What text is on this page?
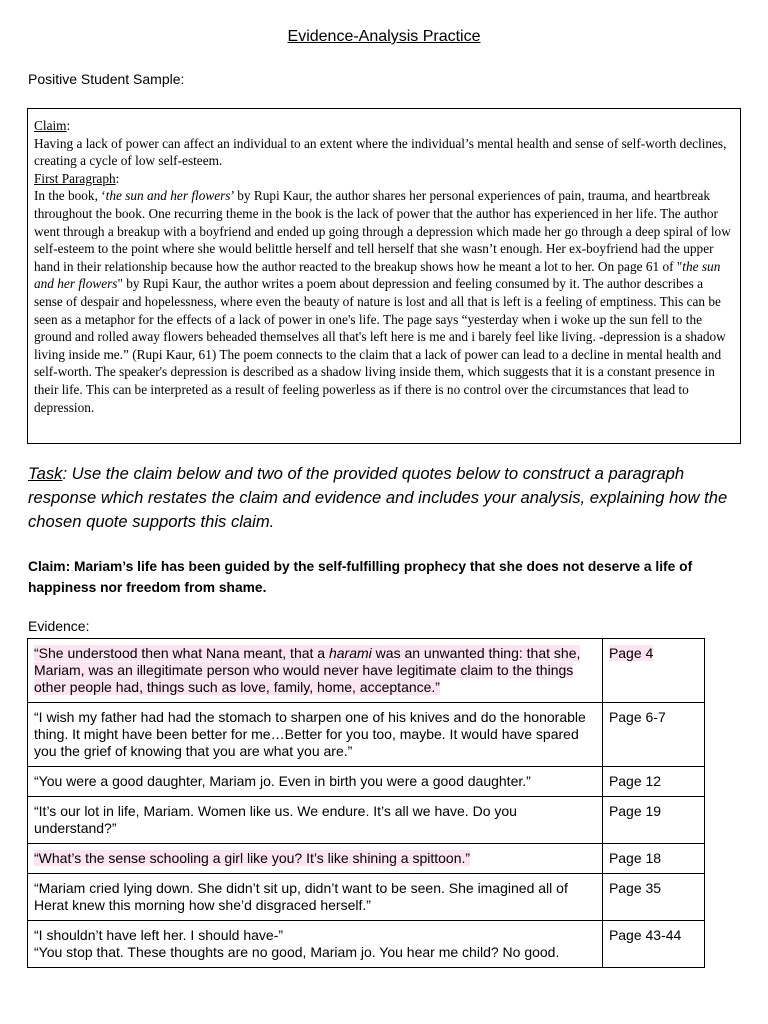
Evidence-Analysis Practice
Positive Student Sample:

Claim:

Having a lack of power can affect an individual to an extent where the individual’s mental health and sense of self-worth declines, creating a cycle of low self-esteem.

First Paragraph:

In the book, ‘the sun and her flowers’ by Rupi Kaur, the author shares her personal experiences of pain, trauma, and heartbreak throughout the book. One recurring theme in the book is the lack of power that the author has experienced in her life. The author went through a breakup with a boyfriend and ended up going through a depression which made her go through a deep spiral of low self-esteem to the point where she would belittle herself and tell herself that she wasn’t enough. Her ex-boyfriend had the upper hand in their relationship because how the author reacted to the breakup shows how he meant a lot to her. On page 61 of "the sun and her flowers" by Rupi Kaur, the author writes a poem about depression and feeling consumed by it. The author describes a sense of despair and hopelessness, where even the beauty of nature is lost and all that is left is a feeling of emptiness. This can be seen as a metaphor for the effects of a lack of power in one's life. The page says “yesterday when i woke up the sun fell to the ground and rolled away flowers beheaded themselves all that's left here is me and i barely feel like living. -depression is a shadow living inside me.” (Rupi Kaur, 61) The poem connects to the claim that a lack of power can lead to a decline in mental health and self-worth. The speaker's depression is described as a shadow living inside them, which suggests that it is a constant presence in their life. This can be interpreted as a result of feeling powerless as if there is no control over the circumstances that lead to depression.

Task: Use the claim below and two of the provided quotes below to construct a paragraph response which restates the claim and evidence and includes your analysis, explaining how the chosen quote supports this claim.
Claim: Mariam’s life has been guided by the self-fulfilling prophecy that she does not deserve a life of happiness nor freedom from shame.
Evidence:
“She understood then what Nana meant, that a harami was an unwanted thing: that she, Mariam, was an illegitimate person who would never have legitimate claim to the things other people had, things such as love, family, home, acceptance.”	Page 4
“I wish my father had had the stomach to sharpen one of his knives and do the honorable thing. It might have been better for me…Better for you too, maybe. It would have spared you the grief of knowing that you are what you are.”	Page 6-7
“You were a good daughter, Mariam jo. Even in birth you were a good daughter.”	Page 12
“It’s our lot in life, Mariam. Women like us. We endure. It’s all we have. Do you understand?”	Page 19
“What’s the sense schooling a girl like you? It’s like shining a spittoon.”	Page 18
“Mariam cried lying down. She didn’t sit up, didn’t want to be seen. She imagined all of Herat knew this morning how she’d disgraced herself.”	Page 35

“I shouldn’t have left her. I should have-”
“You stop that. These thoughts are no good, Mariam jo. You hear me child? No good.	Page 43-44
